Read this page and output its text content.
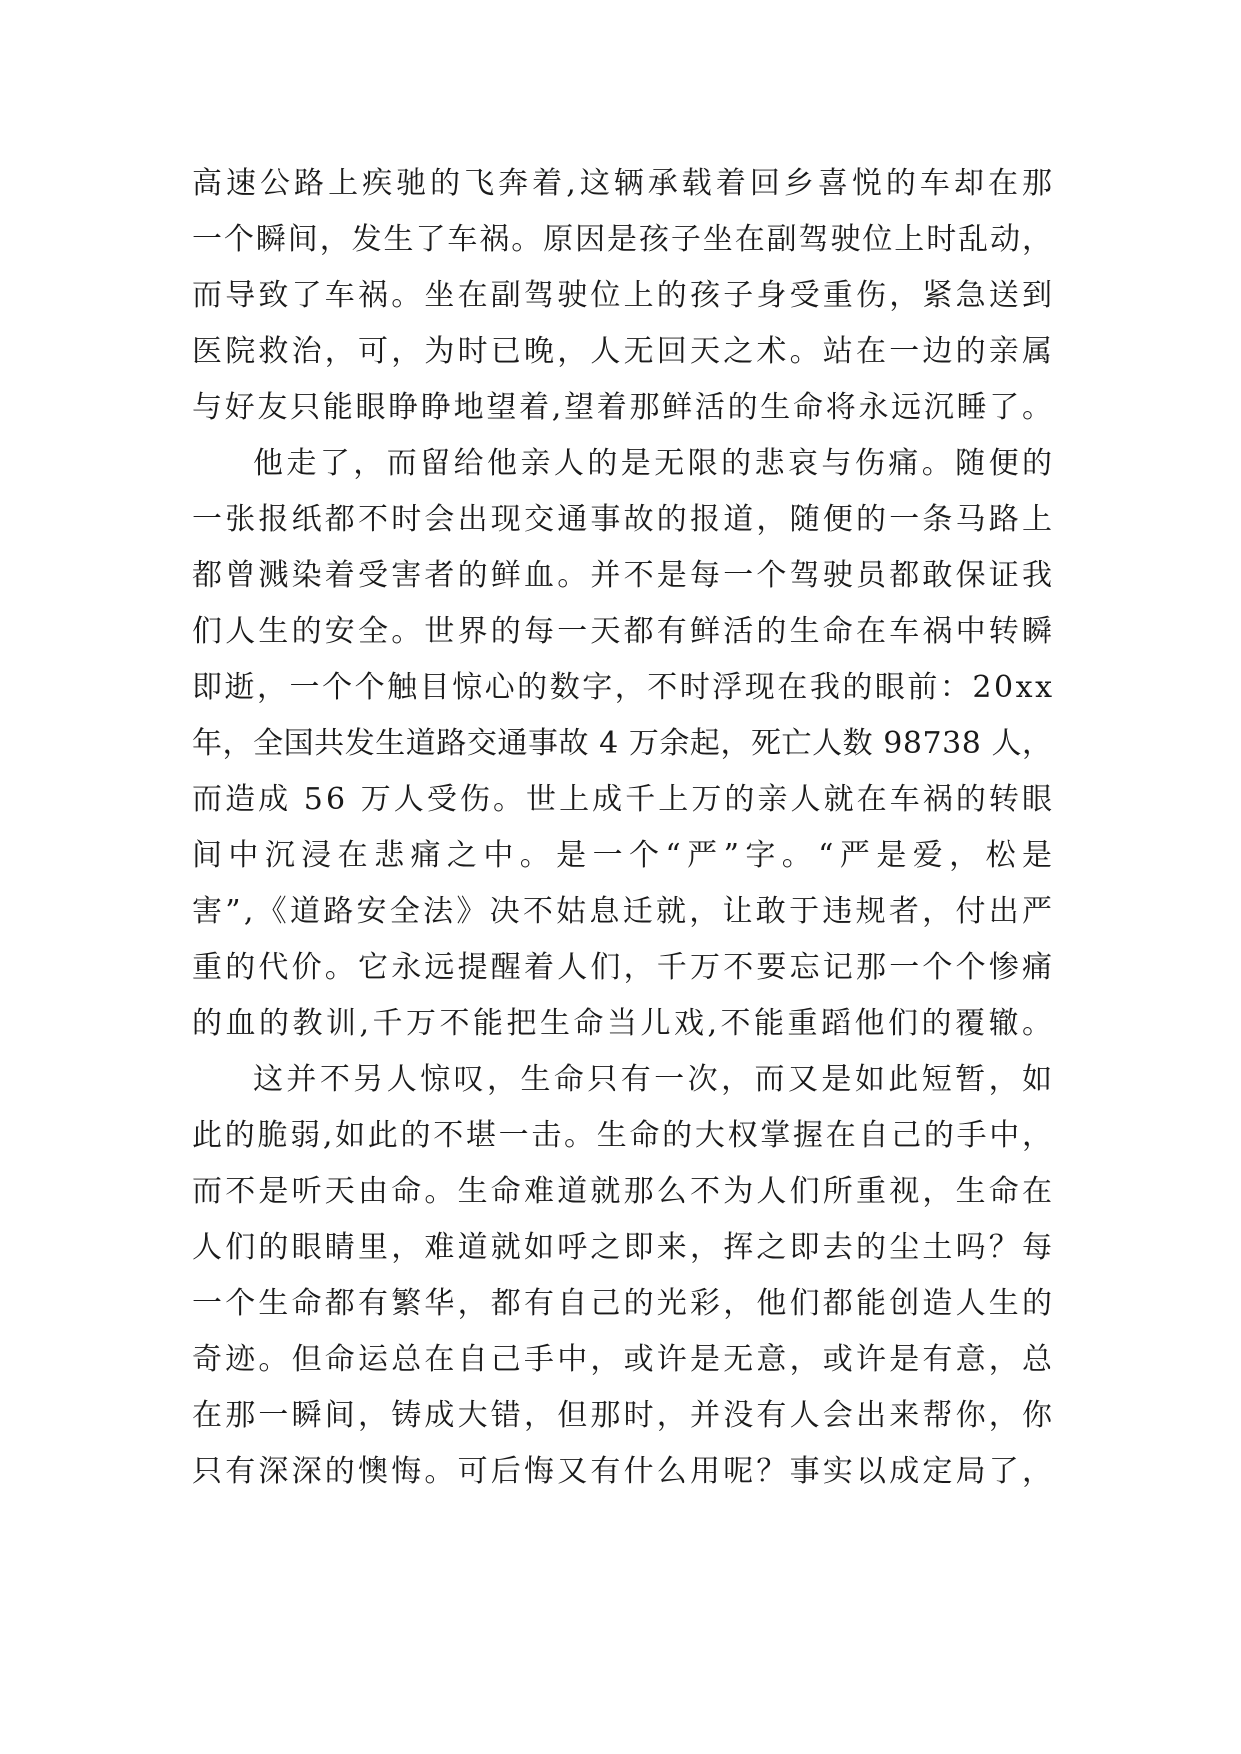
高速公路上疾驰的飞奔着,这辆承载着回乡喜悦的车却在那
一个瞬间，发生了车祸。原因是孩子坐在副驾驶位上时乱动，
而导致了车祸。坐在副驾驶位上的孩子身受重伤，紧急送到
医院救治，可，为时已晚，人无回天之术。站在一边的亲属
与好友只能眼睁睁地望着,望着那鲜活的生命将永远沉睡了。
他走了，而留给他亲人的是无限的悲哀与伤痛。随便的
一张报纸都不时会出现交通事故的报道，随便的一条马路上
都曾溅染着受害者的鲜血。并不是每一个驾驶员都敢保证我
们人生的安全。世界的每一天都有鲜活的生命在车祸中转瞬
即逝，一个个触目惊心的数字，不时浮现在我的眼前：20xx
年，全国共发生道路交通事故 4 万余起，死亡人数 98738 人，
而造成 56 万人受伤。世上成千上万的亲人就在车祸的转眼
间中沉浸在悲痛之中。是一个“严”字。“严是爱，松是
害”,《道路安全法》决不姑息迁就，让敢于违规者，付出严
重的代价。它永远提醒着人们，千万不要忘记那一个个惨痛
的血的教训,千万不能把生命当儿戏,不能重蹈他们的覆辙。
这并不另人惊叹，生命只有一次，而又是如此短暂，如
此的脆弱,如此的不堪一击。生命的大权掌握在自己的手中，
而不是听天由命。生命难道就那么不为人们所重视，生命在
人们的眼睛里，难道就如呼之即来，挥之即去的尘土吗？每
一个生命都有繁华，都有自己的光彩，他们都能创造人生的
奇迹。但命运总在自己手中，或许是无意，或许是有意，总
在那一瞬间，铸成大错，但那时，并没有人会出来帮你，你
只有深深的懊悔。可后悔又有什么用呢？事实以成定局了，
